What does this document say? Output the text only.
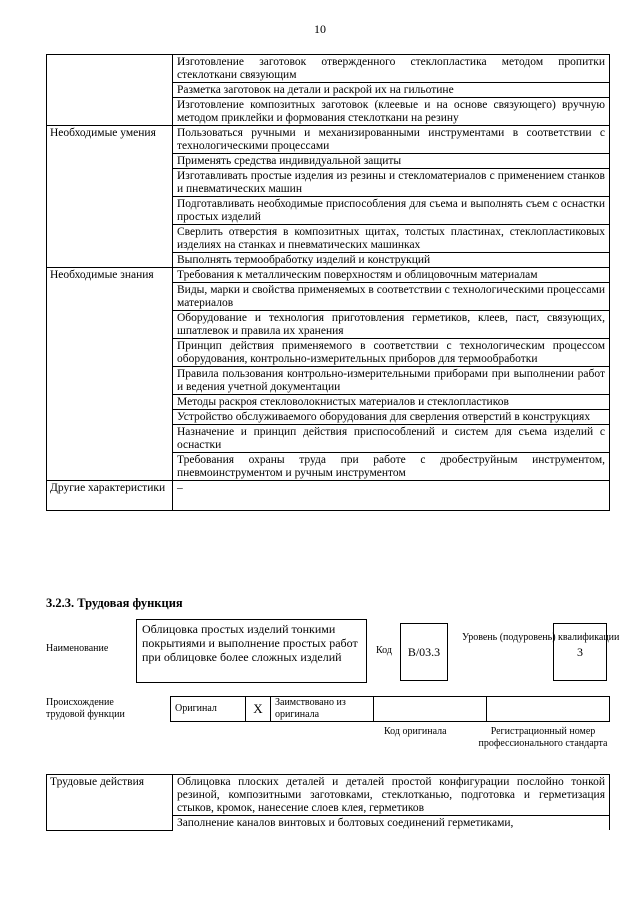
10
	Изготовление заготовок отвержденного стеклопластика методом пропитки стеклоткани связующим
	Разметка заготовок на детали и раскрой их на гильотине
	Изготовление композитных заготовок (клеевые и на основе связующего) вручную методом приклейки и формования стеклоткани на резину
Необходимые умения	Пользоваться ручными и механизированными инструментами в соответствии с технологическими процессами
	Применять средства индивидуальной защиты
	Изготавливать простые изделия из резины и стекломатериалов с применением станков и пневматических машин
	Подготавливать необходимые приспособления для съема и выполнять съем с оснастки простых изделий
	Сверлить отверстия в композитных щитах, толстых пластинах, стеклопластиковых изделиях на станках и пневматических машинках
	Выполнять термообработку изделий и конструкций
Необходимые знания	Требования к металлическим поверхностям и облицовочным материалам
	Виды, марки и свойства применяемых в соответствии с технологическими процессами материалов
	Оборудование и технология приготовления герметиков, клеев, паст, связующих, шпатлевок и правила их хранения
	Принцип действия применяемого в соответствии с технологическим процессом оборудования, контрольно-измерительных приборов для термообработки
	Правила пользования контрольно-измерительными приборами при выполнении работ и ведения учетной документации
	Методы раскроя стекловолокнистых материалов и стеклопластиков
	Устройство обслуживаемого оборудования для сверления отверстий в конструкциях
	Назначение и принцип действия приспособлений и систем для съема изделий с оснастки
	Требования охраны труда при работе с дробеструйным инструментом, пневмоинструментом и ручным инструментом
Другие характеристики	–
3.2.3. Трудовая функция
Наименование
Облицовка простых изделий тонкими покрытиями и выполнение простых работ при облицовке более сложных изделий	Код	B/03.3
Уровень (подуровень) квалификации
3
Происхождение трудовой функции
Оригинал	X	Заимствовано из оригинала		
Код оригинала	Регистрационный номер профессионального стандарта
Трудовые действия	Облицовка плоских деталей и деталей простой конфигурации послойно тонкой резиной, композитными заготовками, стеклотканью, подготовка и герметизация стыков, кромок, нанесение слоев клея, герметиков
Заполнение каналов винтовых и болтовых соединений герметиками,
